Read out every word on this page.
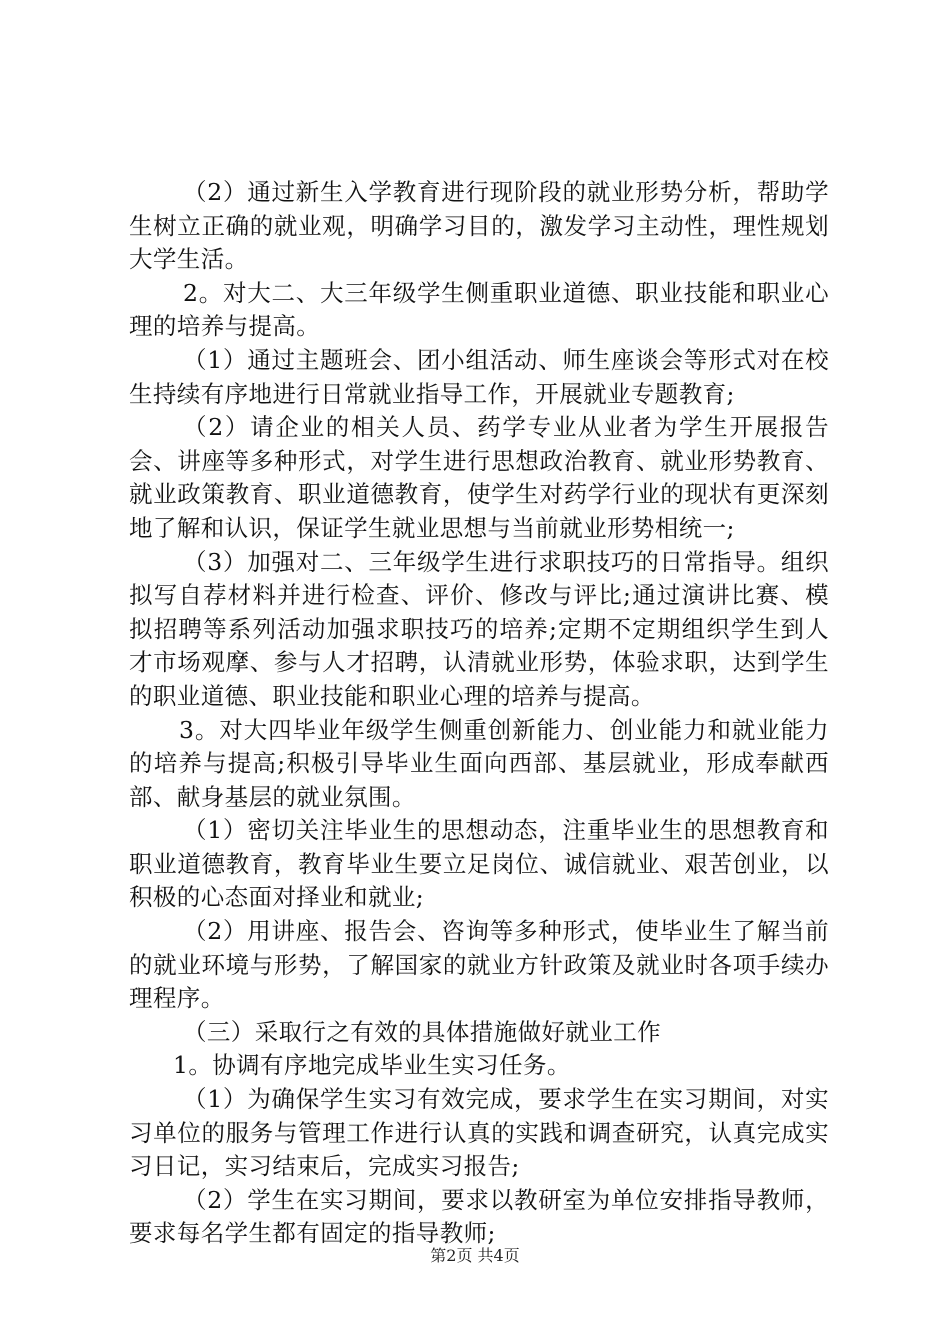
（2）通过新生入学教育进行现阶段的就业形势分析，帮助学生树立正确的就业观，明确学习目的，激发学习主动性，理性规划大学生活。

2。对大二、大三年级学生侧重职业道德、职业技能和职业心理的培养与提高。

（1）通过主题班会、团小组活动、师生座谈会等形式对在校生持续有序地进行日常就业指导工作，开展就业专题教育;

（2）请企业的相关人员、药学专业从业者为学生开展报告会、讲座等多种形式，对学生进行思想政治教育、就业形势教育、就业政策教育、职业道德教育，使学生对药学行业的现状有更深刻地了解和认识，保证学生就业思想与当前就业形势相统一;

（3）加强对二、三年级学生进行求职技巧的日常指导。组织拟写自荐材料并进行检查、评价、修改与评比;通过演讲比赛、模拟招聘等系列活动加强求职技巧的培养;定期不定期组织学生到人才市场观摩、参与人才招聘，认清就业形势，体验求职，达到学生的职业道德、职业技能和职业心理的培养与提高。

3。对大四毕业年级学生侧重创新能力、创业能力和就业能力的培养与提高;积极引导毕业生面向西部、基层就业，形成奉献西部、献身基层的就业氛围。

（1）密切关注毕业生的思想动态，注重毕业生的思想教育和职业道德教育，教育毕业生要立足岗位、诚信就业、艰苦创业，以积极的心态面对择业和就业;

（2）用讲座、报告会、咨询等多种形式，使毕业生了解当前的就业环境与形势，了解国家的就业方针政策及就业时各项手续办理程序。

（三）采取行之有效的具体措施做好就业工作

1。协调有序地完成毕业生实习任务。

（1）为确保学生实习有效完成，要求学生在实习期间，对实习单位的服务与管理工作进行认真的实践和调查研究，认真完成实习日记，实习结束后，完成实习报告;

（2）学生在实习期间，要求以教研室为单位安排指导教师，要求每名学生都有固定的指导教师;

第2页 共4页
